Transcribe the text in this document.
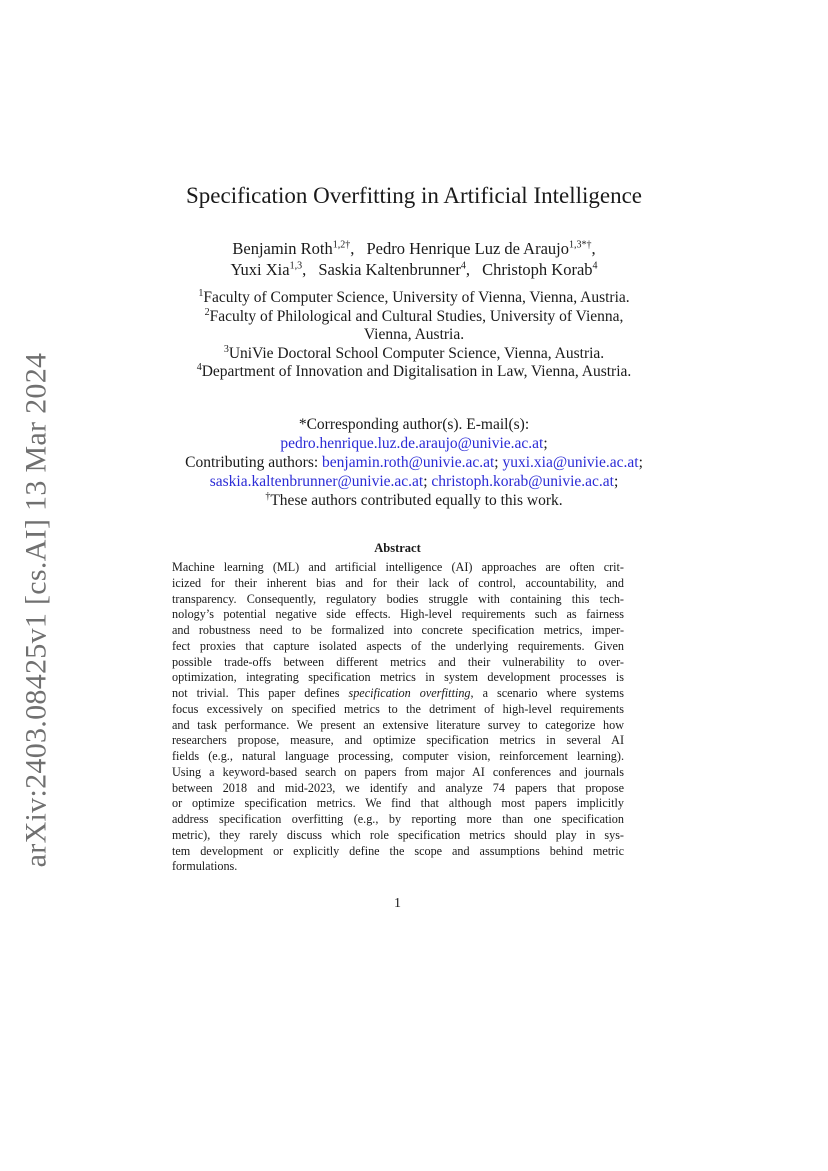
arXiv:2403.08425v1 [cs.AI] 13 Mar 2024
Specification Overfitting in Artificial Intelligence
Benjamin Roth$^{1,2\dagger}$, Pedro Henrique Luz de Araujo$^{1,3*\dagger}$,
Yuxi Xia$^{1,3}$, Saskia Kaltenbrunner$^4$, Christoph Korab$^4$
$^1$Faculty of Computer Science, University of Vienna, Vienna, Austria.
$^2$Faculty of Philological and Cultural Studies, University of Vienna,
Vienna, Austria.
$^3$UniVie Doctoral School Computer Science, Vienna, Austria.
$^4$Department of Innovation and Digitalisation in Law, Vienna, Austria.
*Corresponding author(s). E-mail(s):
pedro.henrique.luz.de.araujo@univie.ac.at;
Contributing authors: benjamin.roth@univie.ac.at; yuxi.xia@univie.ac.at;
saskia.kaltenbrunner@univie.ac.at; christoph.korab@univie.ac.at;
†These authors contributed equally to this work.
Abstract
Machine learning (ML) and artificial intelligence (AI) approaches are often crit-
icized for their inherent bias and for their lack of control, accountability, and
transparency. Consequently, regulatory bodies struggle with containing this tech-
nology’s potential negative side effects. High-level requirements such as fairness
and robustness need to be formalized into concrete specification metrics, imper-
fect proxies that capture isolated aspects of the underlying requirements. Given
possible trade-offs between different metrics and their vulnerability to over-
optimization, integrating specification metrics in system development processes is
not trivial. This paper defines specification overfitting, a scenario where systems
focus excessively on specified metrics to the detriment of high-level requirements
and task performance. We present an extensive literature survey to categorize how
researchers propose, measure, and optimize specification metrics in several AI
fields (e.g., natural language processing, computer vision, reinforcement learning).
Using a keyword-based search on papers from major AI conferences and journals
between 2018 and mid-2023, we identify and analyze 74 papers that propose
or optimize specification metrics. We find that although most papers implicitly
address specification overfitting (e.g., by reporting more than one specification
metric), they rarely discuss which role specification metrics should play in sys-
tem development or explicitly define the scope and assumptions behind metric
formulations.
1
